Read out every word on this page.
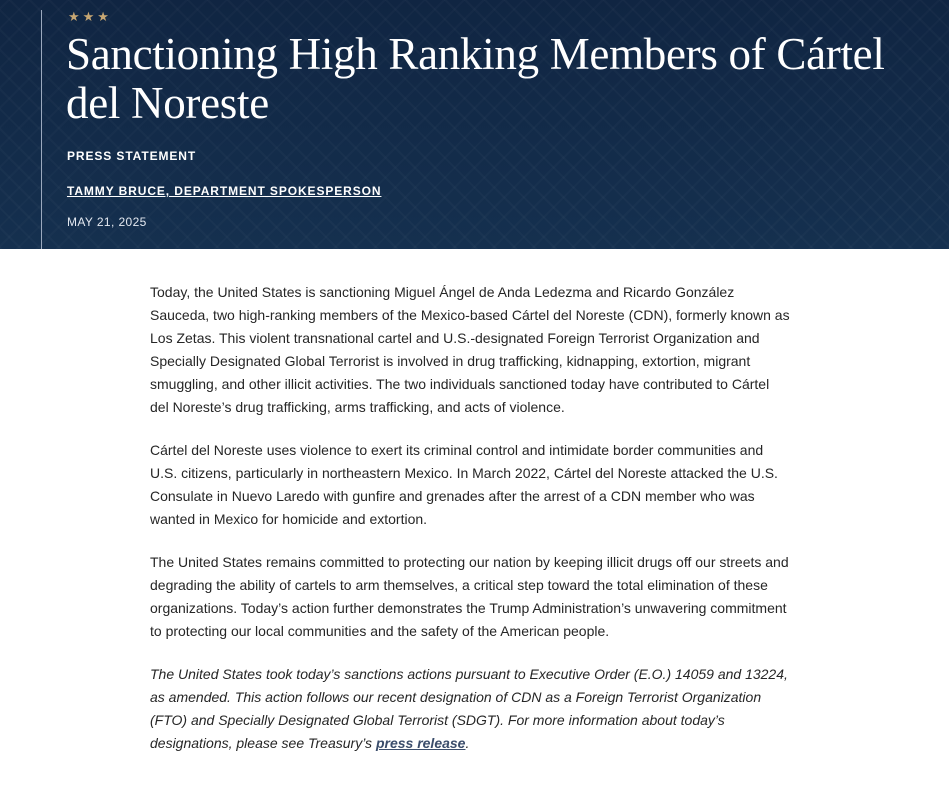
★★★
Sanctioning High Ranking Members of Cártel del Noreste
PRESS STATEMENT
TAMMY BRUCE, DEPARTMENT SPOKESPERSON
MAY 21, 2025

Today, the United States is sanctioning Miguel Ángel de Anda Ledezma and Ricardo González Sauceda, two high-ranking members of the Mexico-based Cártel del Noreste (CDN), formerly known as Los Zetas. This violent transnational cartel and U.S.-designated Foreign Terrorist Organization and Specially Designated Global Terrorist is involved in drug trafficking, kidnapping, extortion, migrant smuggling, and other illicit activities. The two individuals sanctioned today have contributed to Cártel del Noreste’s drug trafficking, arms trafficking, and acts of violence.

Cártel del Noreste uses violence to exert its criminal control and intimidate border communities and U.S. citizens, particularly in northeastern Mexico. In March 2022, Cártel del Noreste attacked the U.S. Consulate in Nuevo Laredo with gunfire and grenades after the arrest of a CDN member who was wanted in Mexico for homicide and extortion.

The United States remains committed to protecting our nation by keeping illicit drugs off our streets and degrading the ability of cartels to arm themselves, a critical step toward the total elimination of these organizations. Today’s action further demonstrates the Trump Administration’s unwavering commitment to protecting our local communities and the safety of the American people.

The United States took today’s sanctions actions pursuant to Executive Order (E.O.) 14059 and 13224, as amended. This action follows our recent designation of CDN as a Foreign Terrorist Organization (FTO) and Specially Designated Global Terrorist (SDGT). For more information about today’s designations, please see Treasury’s press release.
